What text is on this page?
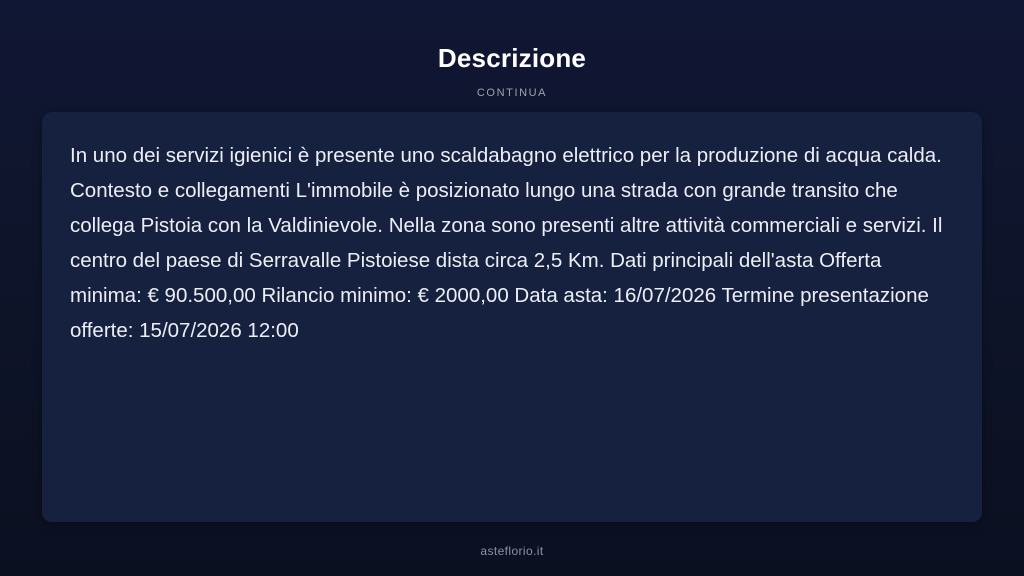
Descrizione
CONTINUA

In uno dei servizi igienici è presente uno scaldabagno elettrico per la produzione di acqua calda. Contesto e collegamenti L'immobile è posizionato lungo una strada con grande transito che collega Pistoia con la Valdinievole. Nella zona sono presenti altre attività commerciali e servizi. Il centro del paese di Serravalle Pistoiese dista circa 2,5 Km. Dati principali dell'asta Offerta minima: € 90.500,00 Rilancio minimo: € 2000,00 Data asta: 16/07/2026 Termine presentazione offerte: 15/07/2026 12:00

asteflorio.it
